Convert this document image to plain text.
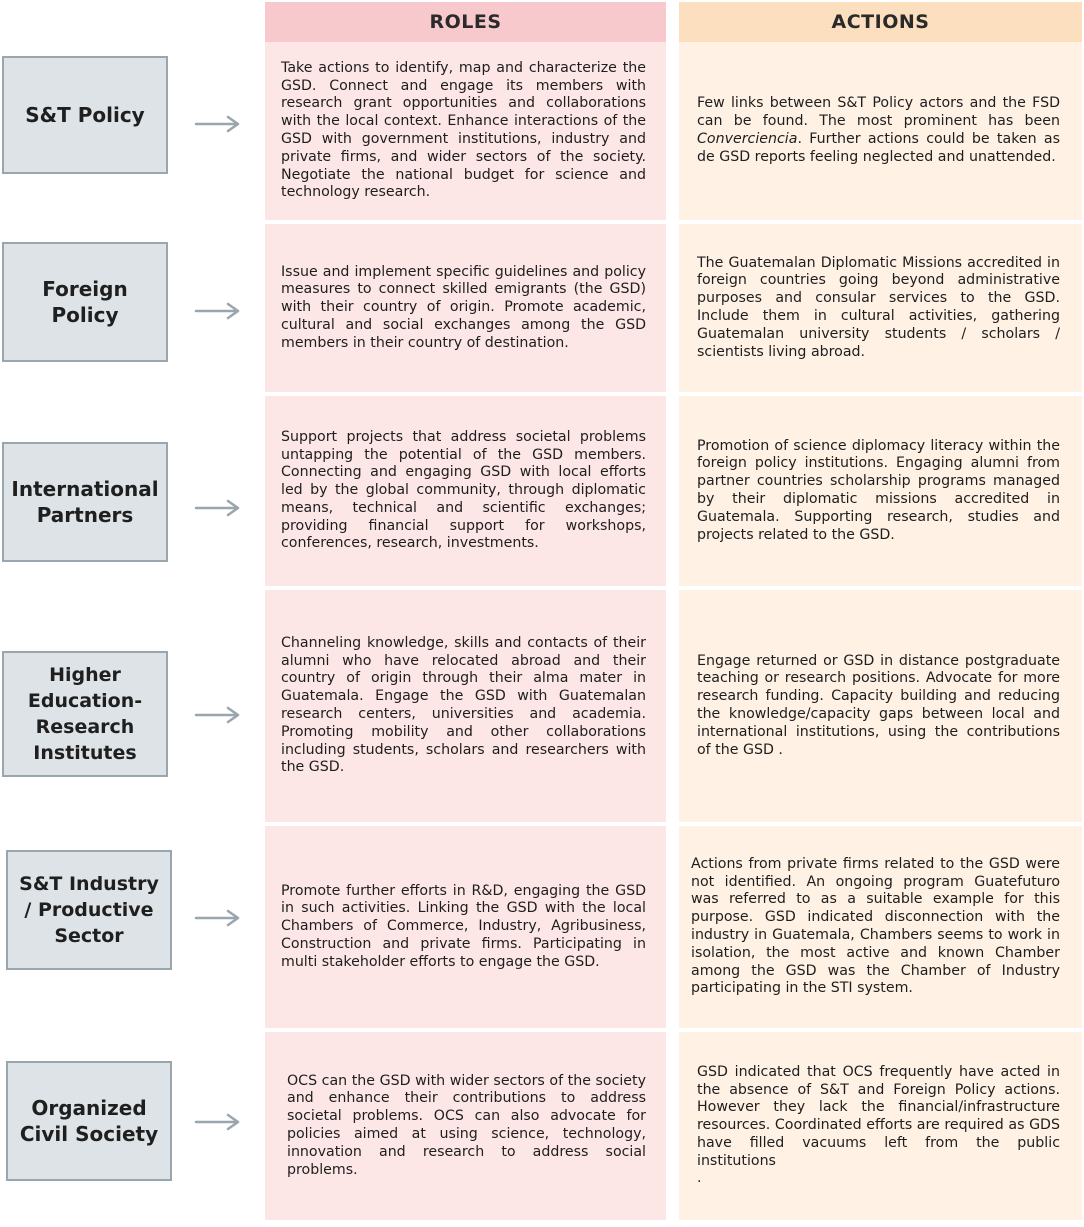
ROLES	ACTIONS
S&T Policy

Take actions to identify, map and characterize the GSD. Connect and engage its members with research grant opportunities and collaborations with the local context. Enhance interactions of the GSD with government institutions, industry and private firms, and wider sectors of the society. Negotiate the national budget for science and technology research.

Few links between S&T Policy actors and the FSD can be found. The most prominent has been Converciencia. Further actions could be taken as de GSD reports feeling neglected and unattended.

Foreign Policy

Issue and implement specific guidelines and policy measures to connect skilled emigrants (the GSD) with their country of origin. Promote academic, cultural and social exchanges among the GSD members in their country of destination.

The Guatemalan Diplomatic Missions accredited in foreign countries going beyond administrative purposes and consular services to the GSD. Include them in cultural activities, gathering Guatemalan university students / scholars / scientists living abroad.

International Partners

Support projects that address societal problems untapping the potential of the GSD members. Connecting and engaging GSD with local efforts led by the global community, through diplomatic means, technical and scientific exchanges; providing financial support for workshops, conferences, research, investments.

Promotion of science diplomacy literacy within the foreign policy institutions. Engaging alumni from partner countries scholarship programs managed by their diplomatic missions accredited in Guatemala. Supporting research, studies and projects related to the GSD.

Higher Education-Research Institutes

Channeling knowledge, skills and contacts of their alumni who have relocated abroad and their country of origin through their alma mater in Guatemala. Engage the GSD with Guatemalan research centers, universities and academia. Promoting mobility and other collaborations including students, scholars and researchers with the GSD.

Engage returned or GSD in distance postgraduate teaching or research positions. Advocate for more research funding. Capacity building and reducing the knowledge/capacity gaps between local and international institutions, using the contributions of the GSD .

S&T Industry / Productive Sector

Promote further efforts in R&D, engaging the GSD in such activities. Linking the GSD with the local Chambers of Commerce, Industry, Agribusiness, Construction and private firms. Participating in multi stakeholder efforts to engage the GSD.

Actions from private firms related to the GSD were not identified. An ongoing program Guatefuturo was referred to as a suitable example for this purpose. GSD indicated disconnection with the industry in Guatemala, Chambers seems to work in isolation, the most active and known Chamber among the GSD was the Chamber of Industry participating in the STI system.

Organized Civil Society

OCS can the GSD with wider sectors of the society and enhance their contributions to address societal problems. OCS can also advocate for policies aimed at using science, technology, innovation and research to address social problems.

GSD indicated that OCS frequently have acted in the absence of S&T and Foreign Policy actions. However they lack the financial/infrastructure resources. Coordinated efforts are required as GDS have filled vacuums left from the public institutions
.
